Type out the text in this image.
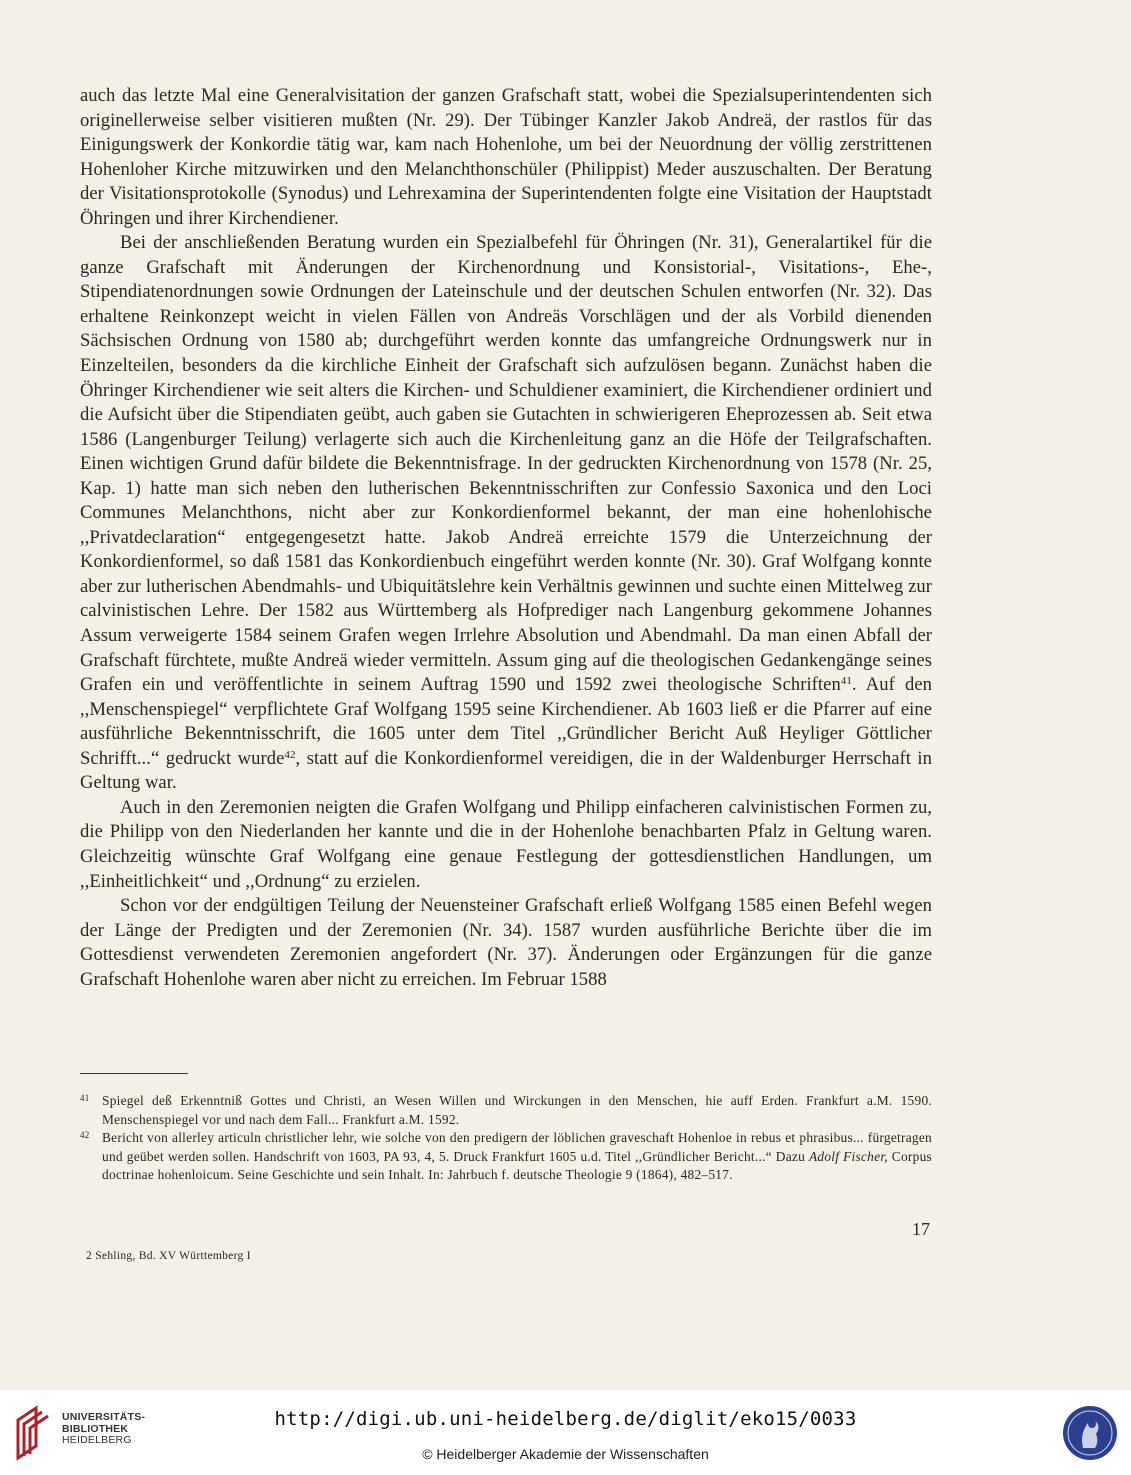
auch das letzte Mal eine Generalvisitation der ganzen Grafschaft statt, wobei die Spezialsuperintendenten sich originellerweise selber visitieren mußten (Nr. 29). Der Tübinger Kanzler Jakob Andreä, der rastlos für das Einigungswerk der Konkordie tätig war, kam nach Hohenlohe, um bei der Neuordnung der völlig zerstrittenen Hohenloher Kirche mitzuwirken und den Melanchthonschüler (Philippist) Meder auszuschalten. Der Beratung der Visitationsprotokolle (Synodus) und Lehrexamina der Superintendenten folgte eine Visitation der Hauptstadt Öhringen und ihrer Kirchendiener.

Bei der anschließenden Beratung wurden ein Spezialbefehl für Öhringen (Nr. 31), Generalartikel für die ganze Grafschaft mit Änderungen der Kirchenordnung und Konsistorial-, Visitations-, Ehe-, Stipendiatenordnungen sowie Ordnungen der Lateinschule und der deutschen Schulen entworfen (Nr. 32). Das erhaltene Reinkonzept weicht in vielen Fällen von Andreäs Vorschlägen und der als Vorbild dienenden Sächsischen Ordnung von 1580 ab; durchgeführt werden konnte das umfangreiche Ordnungswerk nur in Einzelteilen, besonders da die kirchliche Einheit der Grafschaft sich aufzulösen begann. Zunächst haben die Öhringer Kirchendiener wie seit alters die Kirchen- und Schuldiener examiniert, die Kirchendiener ordiniert und die Aufsicht über die Stipendiaten geübt, auch gaben sie Gutachten in schwierigeren Eheprozessen ab. Seit etwa 1586 (Langenburger Teilung) verlagerte sich auch die Kirchenleitung ganz an die Höfe der Teilgrafschaften. Einen wichtigen Grund dafür bildete die Bekenntnisfrage. In der gedruckten Kirchenordnung von 1578 (Nr. 25, Kap. 1) hatte man sich neben den lutherischen Bekenntnisschriften zur Confessio Saxonica und den Loci Communes Melanchthons, nicht aber zur Konkordienformel bekannt, der man eine hohenlohische ,,Privatdeclaration“ entgegengesetzt hatte. Jakob Andreä erreichte 1579 die Unterzeichnung der Konkordienformel, so daß 1581 das Konkordienbuch eingeführt werden konnte (Nr. 30). Graf Wolfgang konnte aber zur lutherischen Abendmahls- und Ubiquitätslehre kein Verhältnis gewinnen und suchte einen Mittelweg zur calvinistischen Lehre. Der 1582 aus Württemberg als Hofprediger nach Langenburg gekommene Johannes Assum verweigerte 1584 seinem Grafen wegen Irrlehre Absolution und Abendmahl. Da man einen Abfall der Grafschaft fürchtete, mußte Andreä wieder vermitteln. Assum ging auf die theologischen Gedankengänge seines Grafen ein und veröffentlichte in seinem Auftrag 1590 und 1592 zwei theologische Schriften$^{41}$. Auf den ,,Menschenspiegel“ verpflichtete Graf Wolfgang 1595 seine Kirchendiener. Ab 1603 ließ er die Pfarrer auf eine ausführliche Bekenntnisschrift, die 1605 unter dem Titel ,,Gründlicher Bericht Auß Heyliger Göttlicher Schrifft...“ gedruckt wurde$^{42}$, statt auf die Konkordienformel vereidigen, die in der Waldenburger Herrschaft in Geltung war.

Auch in den Zeremonien neigten die Grafen Wolfgang und Philipp einfacheren calvinistischen Formen zu, die Philipp von den Niederlanden her kannte und die in der Hohenlohe benachbarten Pfalz in Geltung waren. Gleichzeitig wünschte Graf Wolfgang eine genaue Festlegung der gottesdienstlichen Handlungen, um ,,Einheitlichkeit“ und ,,Ordnung“ zu erzielen.

Schon vor der endgültigen Teilung der Neuensteiner Grafschaft erließ Wolfgang 1585 einen Befehl wegen der Länge der Predigten und der Zeremonien (Nr. 34). 1587 wurden ausführliche Berichte über die im Gottesdienst verwendeten Zeremonien angefordert (Nr. 37). Änderungen oder Ergänzungen für die ganze Grafschaft Hohenlohe waren aber nicht zu erreichen. Im Februar 1588

41 Spiegel deß Erkenntniß Gottes und Christi, an Wesen Willen und Wirckungen in den Menschen, hie auff Erden. Frankfurt a.M. 1590. Menschenspiegel vor und nach dem Fall... Frankfurt a.M. 1592.

42 Bericht von allerley articuln christlicher lehr, wie solche von den predigern der löblichen graveschaft Hohenloe in rebus et phrasibus... fürgetragen und geübet werden sollen. Handschrift von 1603, PA 93, 4, 5. Druck Frankfurt 1605 u.d. Titel ,,Gründlicher Bericht...“ Dazu Adolf Fischer, Corpus doctrinae hohenloicum. Seine Geschichte und sein Inhalt. In: Jahrbuch f. deutsche Theologie 9 (1864), 482–517.

17
2 Sehling, Bd. XV Württemberg I
UNIVERSITÄTS-
BIBLIOTHEK
HEIDELBERG
http://digi.ub.uni-heidelberg.de/diglit/eko15/0033
© Heidelberger Akademie der Wissenschaften
